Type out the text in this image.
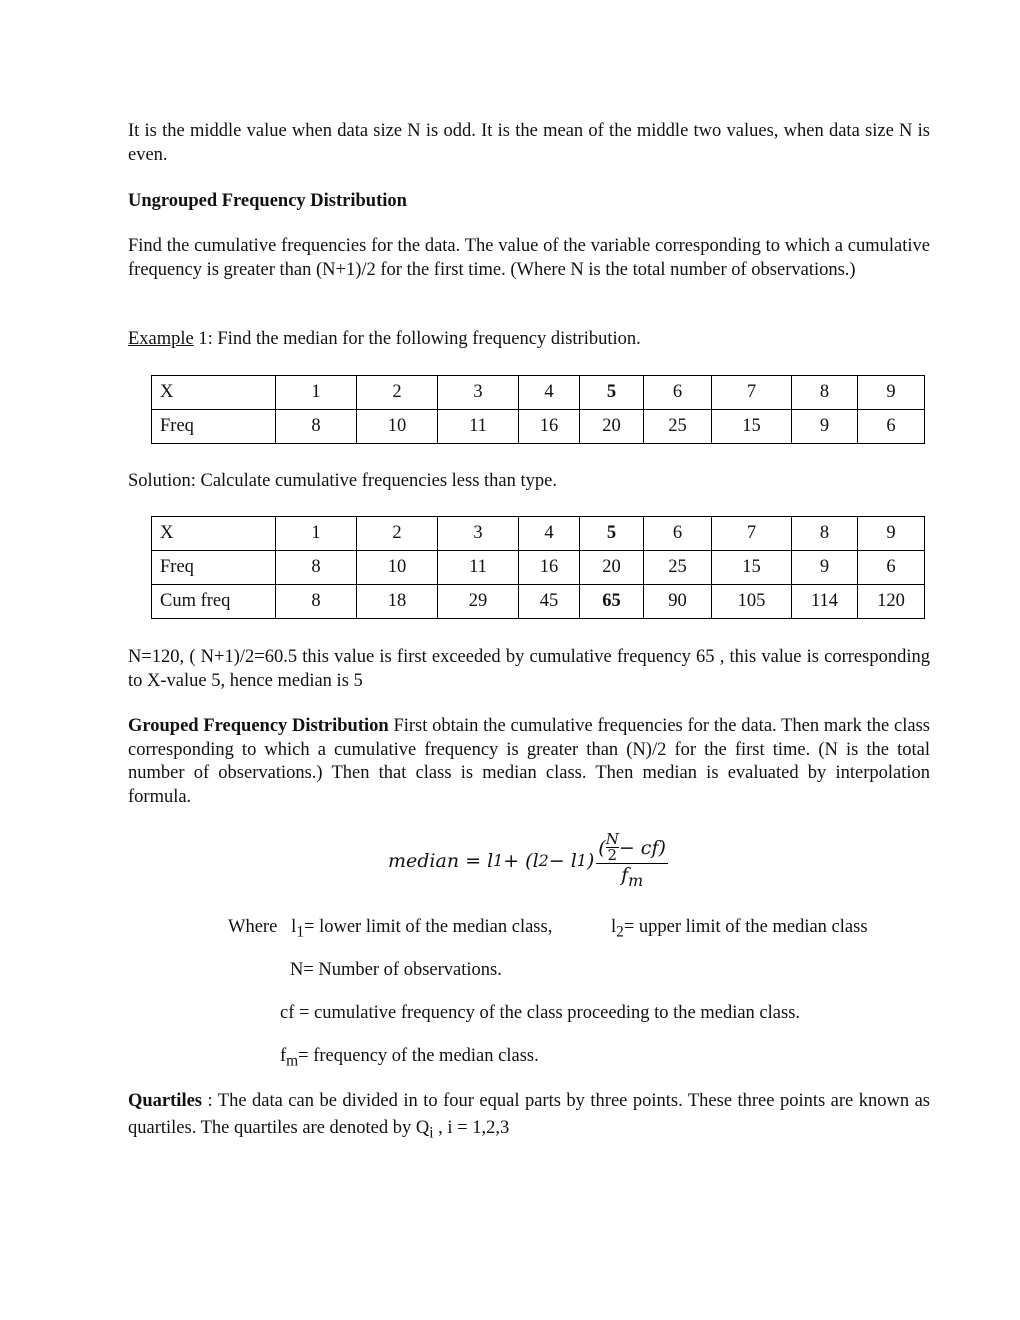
It is the middle value when data size N is odd. It is the mean of the middle two values, when data size N is even.

Ungrouped Frequency Distribution

Find the cumulative frequencies for the data. The value of the variable corresponding to which a cumulative frequency is greater than (N+1)/2 for the first time. (Where N is the total number of observations.)

Example 1: Find the median for the following frequency distribution.

X	1	2	3	4	5	6	7	8	9
Freq	8	10	11	16	20	25	15	9	6

Solution: Calculate cumulative frequencies less than type.

X	1	2	3	4	5	6	7	8	9
Freq	8	10	11	16	20	25	15	9	6
Cum freq	8	18	29	45	65	90	105	114	120

N=120, ( N+1)/2=60.5 this value is first exceeded by cumulative frequency 65 , this value is corresponding to X-value 5, hence median is 5

Grouped Frequency Distribution First obtain the cumulative frequencies for the data. Then mark the class corresponding to which a cumulative frequency is greater than (N)/2 for the first time. (N is the total number of observations.) Then that class is median class. Then median is evaluated by interpolation formula.

median = l 1 + (l 2 − l 1 ) ( N
2 − cf)
$f_m$
Where $l_1=$ lower limit of the median class,	$l_2=$ upper limit of the median class
N= Number of observations.
cf = cumulative frequency of the class proceeding to the median class.
$f_m=$ frequency of the median class.

Quartiles : The data can be divided in to four equal parts by three points. These three points are known as quartiles. The quartiles are denoted by $Q_i$ , i = 1,2,3
